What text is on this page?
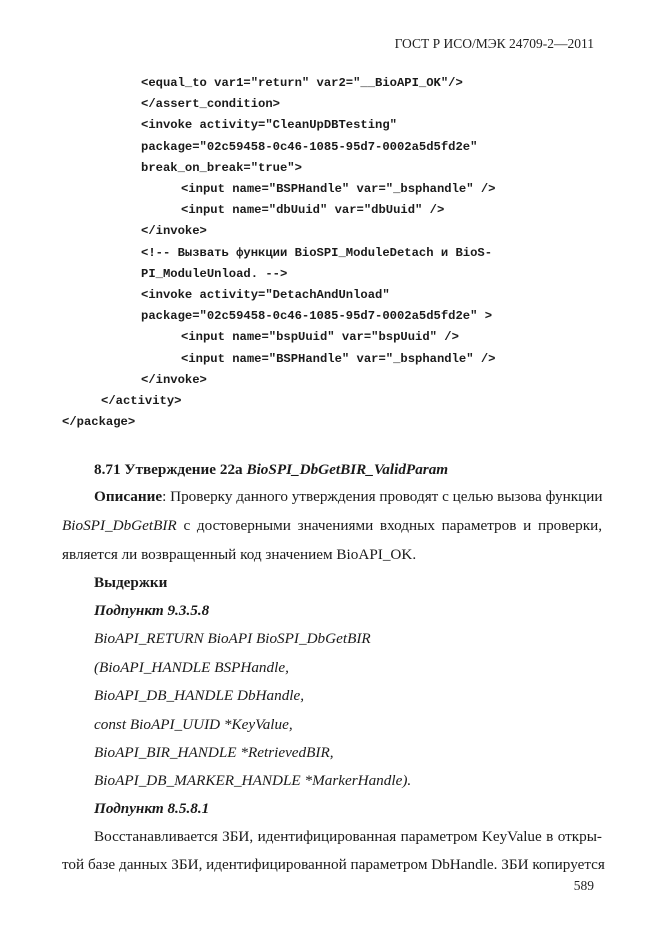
ГОСТ Р ИСО/МЭК 24709-2—2011
<equal_to var1="return" var2="__BioAPI_OK"/>
</assert_condition>
<invoke activity="CleanUpDBTesting"
package="02c59458-0c46-1085-95d7-0002a5d5fd2e"
break_on_break="true">
<input name="BSPHandle" var="_bsphandle" />
<input name="dbUuid" var="dbUuid" />
</invoke>
<!-- Вызвать функции BioSPI_ModuleDetach и BioS-
PI_ModuleUnload. -->
<invoke activity="DetachAndUnload"
package="02c59458-0c46-1085-95d7-0002a5d5fd2e" >
<input name="bspUuid" var="bspUuid" />
<input name="BSPHandle" var="_bsphandle" />
</invoke>
</activity>
</package>
8.71 Утверждение 22а BioSPI_DbGetBIR_ValidParam
Описание: Проверку данного утверждения проводят с целью вызова функции
BioSPI_DbGetBIR с достоверными значениями входных параметров и проверки,
является ли возвращенный код значением BioAPI_OK.
Выдержки
Подпункт 9.3.5.8
BioAPI_RETURN BioAPI BioSPI_DbGetBIR
(BioAPI_HANDLE BSPHandle,
BioAPI_DB_HANDLE DbHandle,
const BioAPI_UUID *KeyValue,
BioAPI_BIR_HANDLE *RetrievedBIR,
BioAPI_DB_MARKER_HANDLE *MarkerHandle).
Подпункт 8.5.8.1
Восстанавливается ЗБИ, идентифицированная параметром KeyValue в откры-
той базе данных ЗБИ, идентифицированной параметром DbHandle. ЗБИ копируется
589
